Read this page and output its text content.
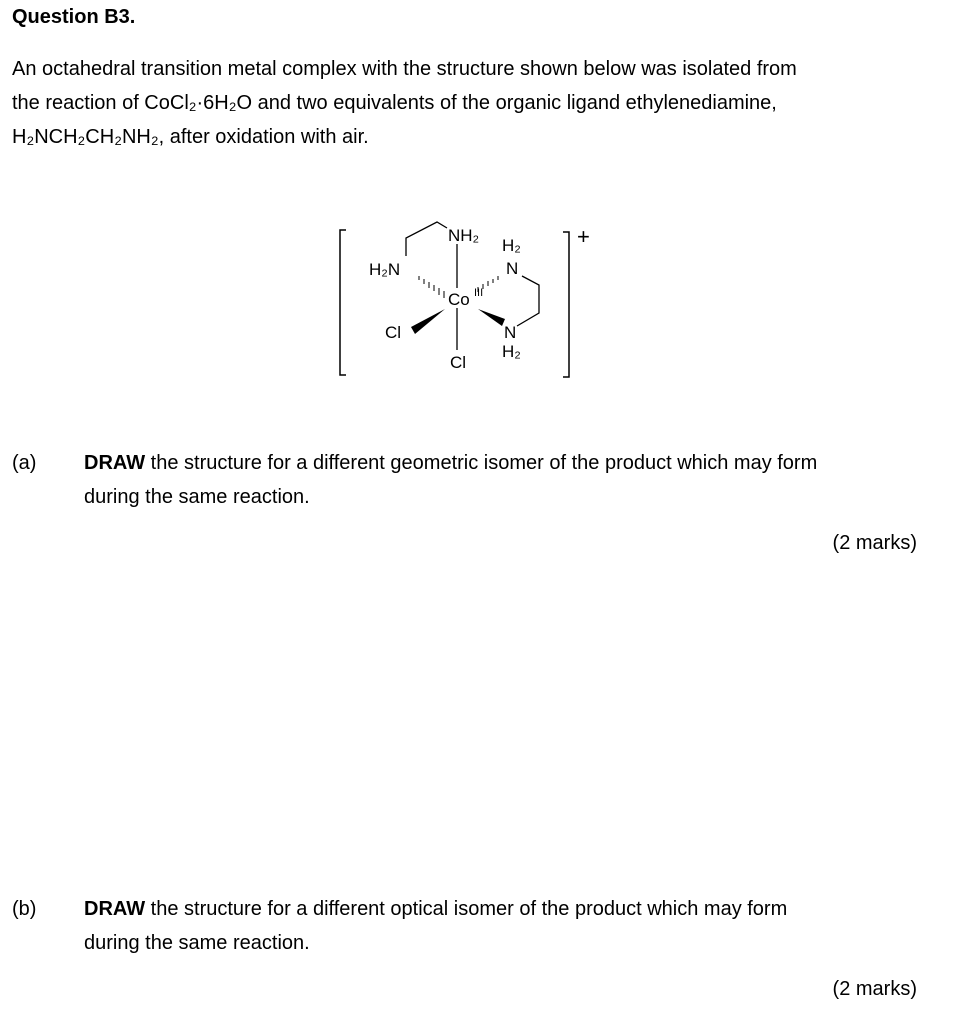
Question B3.

An octahedral transition metal complex with the structure shown below was isolated from

the reaction of CoCl₂·6H₂O and two equivalents of the organic ligand ethylenediamine,

H₂NCH₂CH₂NH₂, after oxidation with air.

+
NH₂
H₂N
H₂
N
Co III
Cl	N
H₂
Cl
(a) DRAW the structure for a different geometric isomer of the product which may form

during the same reaction.

(2 marks)
(b) DRAW the structure for a different optical isomer of the product which may form

during the same reaction.

(2 marks)
